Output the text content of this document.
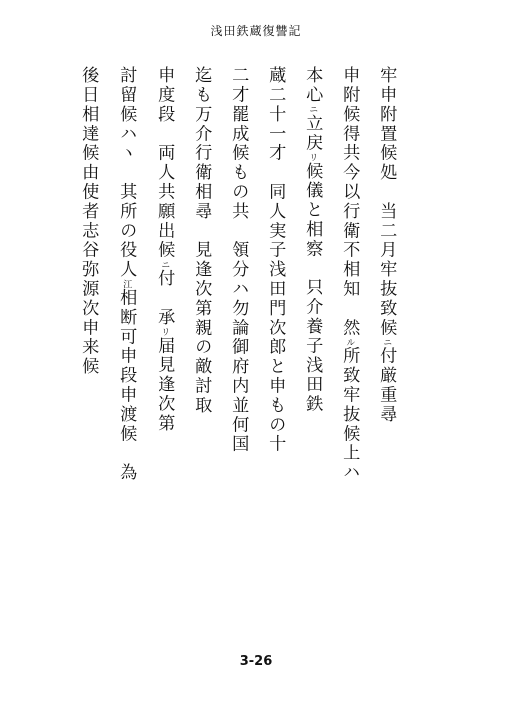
浅田鉄蔵復讐記
牢申附置候処　当二月牢抜致候ニ付厳重尋
申附候得共今以行衛不相知　然ル所致牢抜候上ハ
本心ニ立戻リ候儀と相察　只介養子浅田鉄
蔵二十一才　同人実子浅田門次郎と申もの十
二才罷成候もの共　領分ハ勿論御府内並何国
迄も万介行衛相尋　見逢次第親の敵討取
申度段　両人共願出候ニ付　承リ届見逢次第
討留候ハヽ　其所の役人江相断可申段申渡候　為
後日相達候由使者志谷弥源次申来候
3-26
